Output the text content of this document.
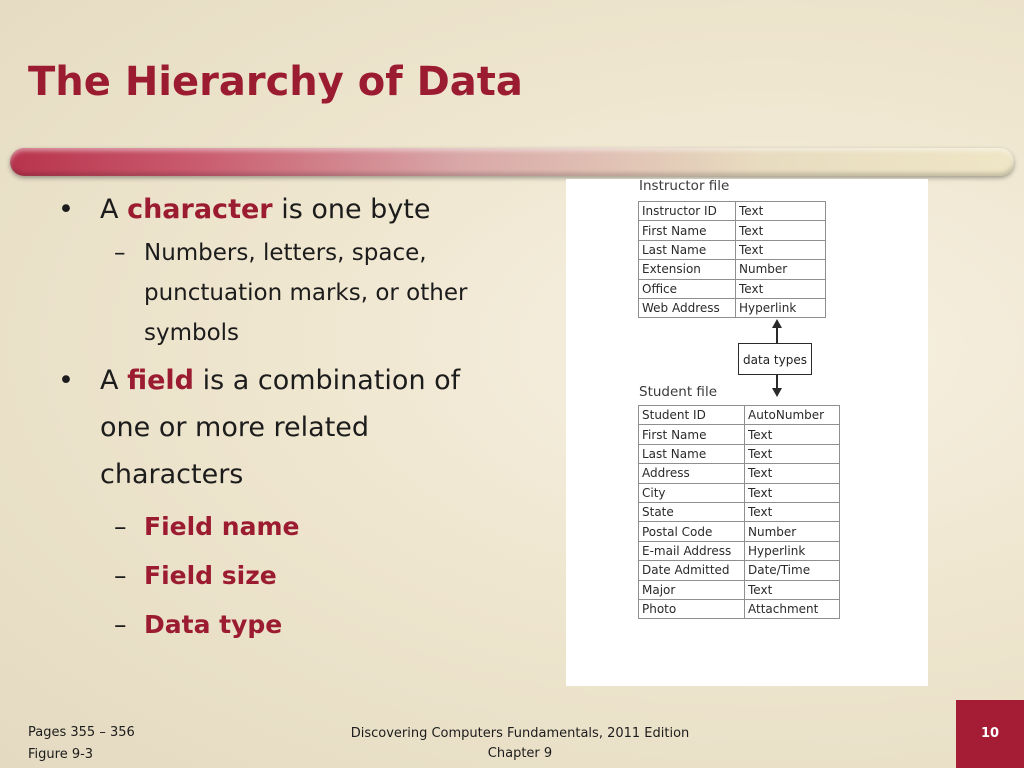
The Hierarchy of Data
• A character is one byte
– Numbers, letters, space, punctuation marks, or other symbols
• A field is a combination of one or more related characters
– Field name
– Field size
– Data type
Instructor file
Instructor ID	Text
First Name	Text
Last Name	Text
Extension	Number
Office	Text
Web Address	Hyperlink
data types
Student file
Student ID	AutoNumber
First Name	Text
Last Name	Text
Address	Text
City	Text
State	Text
Postal Code	Number
E-mail Address	Hyperlink
Date Admitted	Date/Time
Major	Text
Photo	Attachment
Pages 355 – 356
Figure 9-3
Discovering Computers Fundamentals, 2011 Edition
Chapter 9
10
